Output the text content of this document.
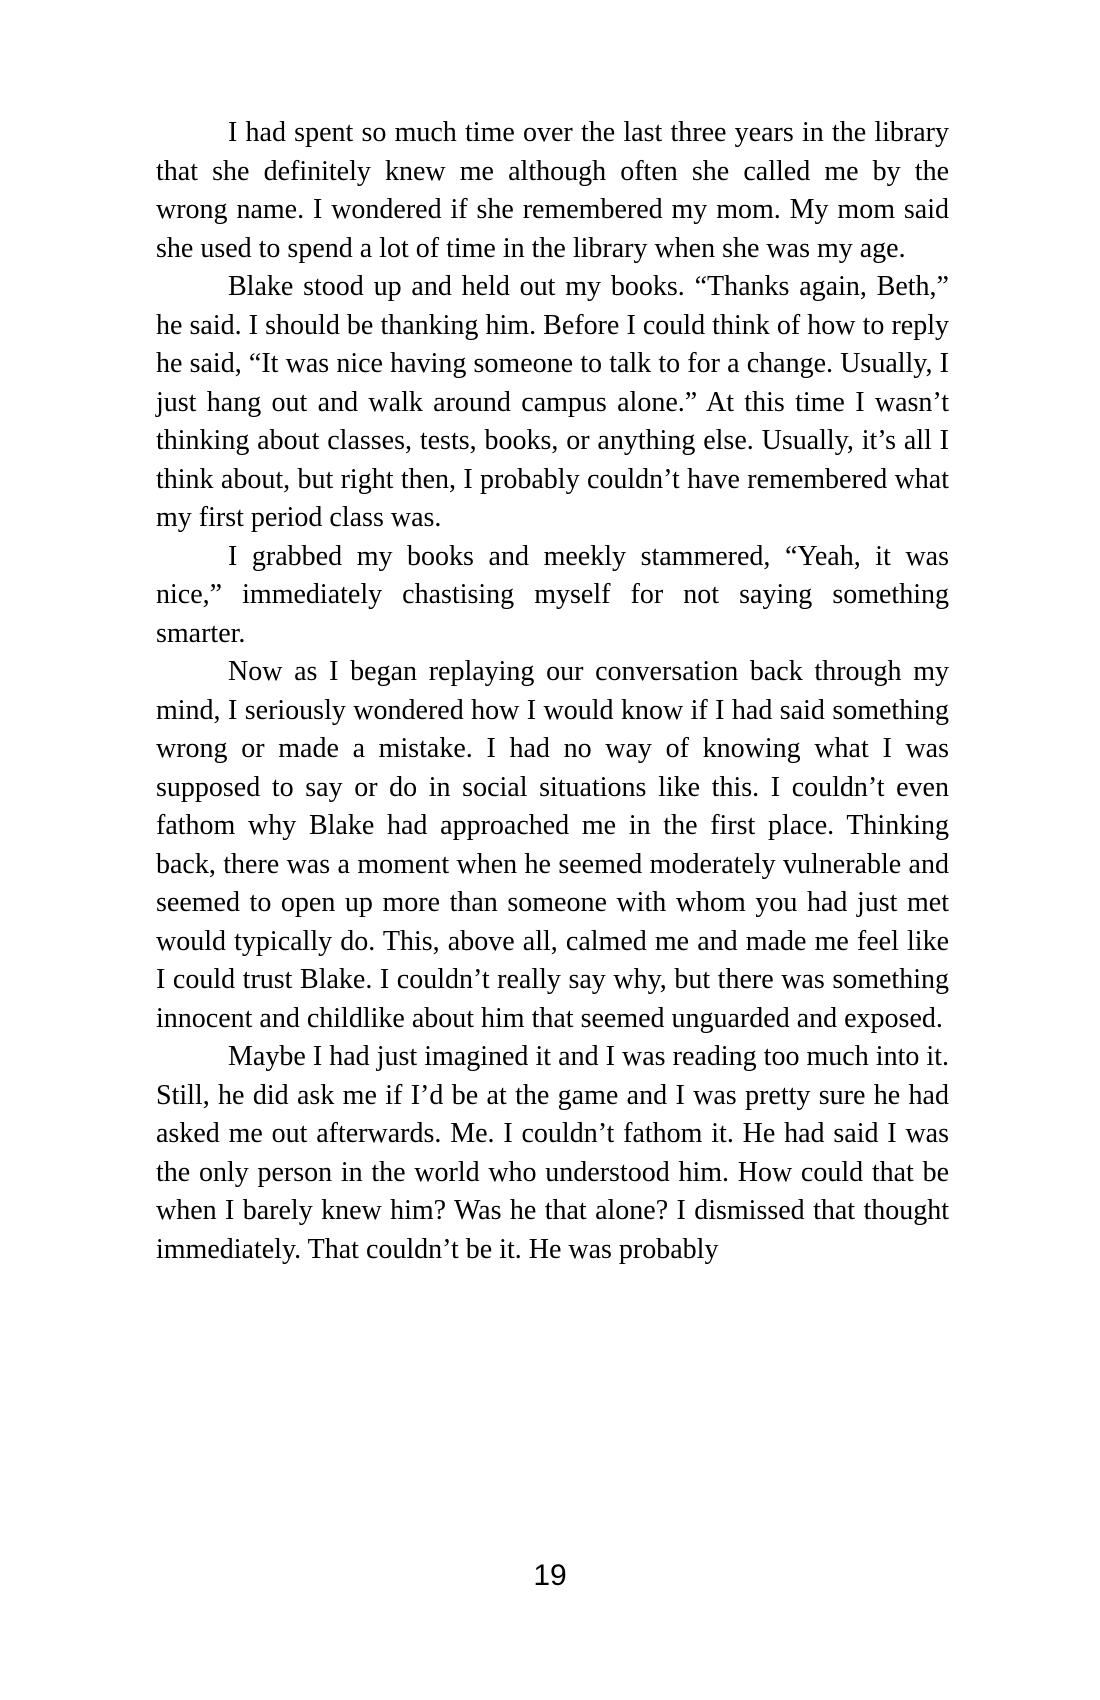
I had spent so much time over the last three years in the library that she definitely knew me although often she called me by the wrong name. I wondered if she remembered my mom. My mom said she used to spend a lot of time in the library when she was my age.

Blake stood up and held out my books. “Thanks again, Beth,” he said. I should be thanking him. Before I could think of how to reply he said, “It was nice having someone to talk to for a change. Usually, I just hang out and walk around campus alone.” At this time I wasn’t thinking about classes, tests, books, or anything else. Usually, it’s all I think about, but right then, I probably couldn’t have remembered what my first period class was.

I grabbed my books and meekly stammered, “Yeah, it was nice,” immediately chastising myself for not saying something smarter.

Now as I began replaying our conversation back through my mind, I seriously wondered how I would know if I had said something wrong or made a mistake. I had no way of knowing what I was supposed to say or do in social situations like this. I couldn’t even fathom why Blake had approached me in the first place. Thinking back, there was a moment when he seemed moderately vulnerable and seemed to open up more than someone with whom you had just met would typically do. This, above all, calmed me and made me feel like I could trust Blake. I couldn’t really say why, but there was something innocent and childlike about him that seemed unguarded and exposed.

Maybe I had just imagined it and I was reading too much into it. Still, he did ask me if I’d be at the game and I was pretty sure he had asked me out afterwards. Me. I couldn’t fathom it. He had said I was the only person in the world who understood him. How could that be when I barely knew him? Was he that alone? I dismissed that thought immediately. That couldn’t be it. He was probably

19
